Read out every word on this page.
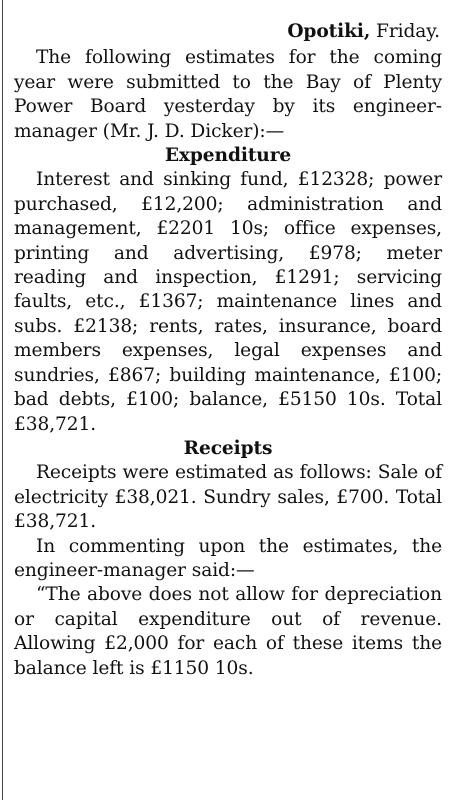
Opotiki, Friday.

The following estimates for the coming year were submitted to the Bay of Plenty Power Board yesterday by its engineer-manager (Mr. J. D. Dicker):—

Expenditure

Interest and sinking fund, £12328; power purchased, £12,200; administration and management, £2201 10s; office expenses, printing and advertising, £978; meter reading and inspection, £1291; servicing faults, etc., £1367; maintenance lines and subs. £2138; rents, rates, insurance, board members expenses, legal expenses and sundries, £867; building maintenance, £100; bad debts, £100; balance, £5150 10s. Total £38,721.

Receipts

Receipts were estimated as follows: Sale of electricity £38,021. Sundry sales, £700. Total £38,721.

In commenting upon the estimates, the engineer-manager said:—

“The above does not allow for depreciation or capital expenditure out of revenue. Allowing £2,000 for each of these items the balance left is £1150 10s.
